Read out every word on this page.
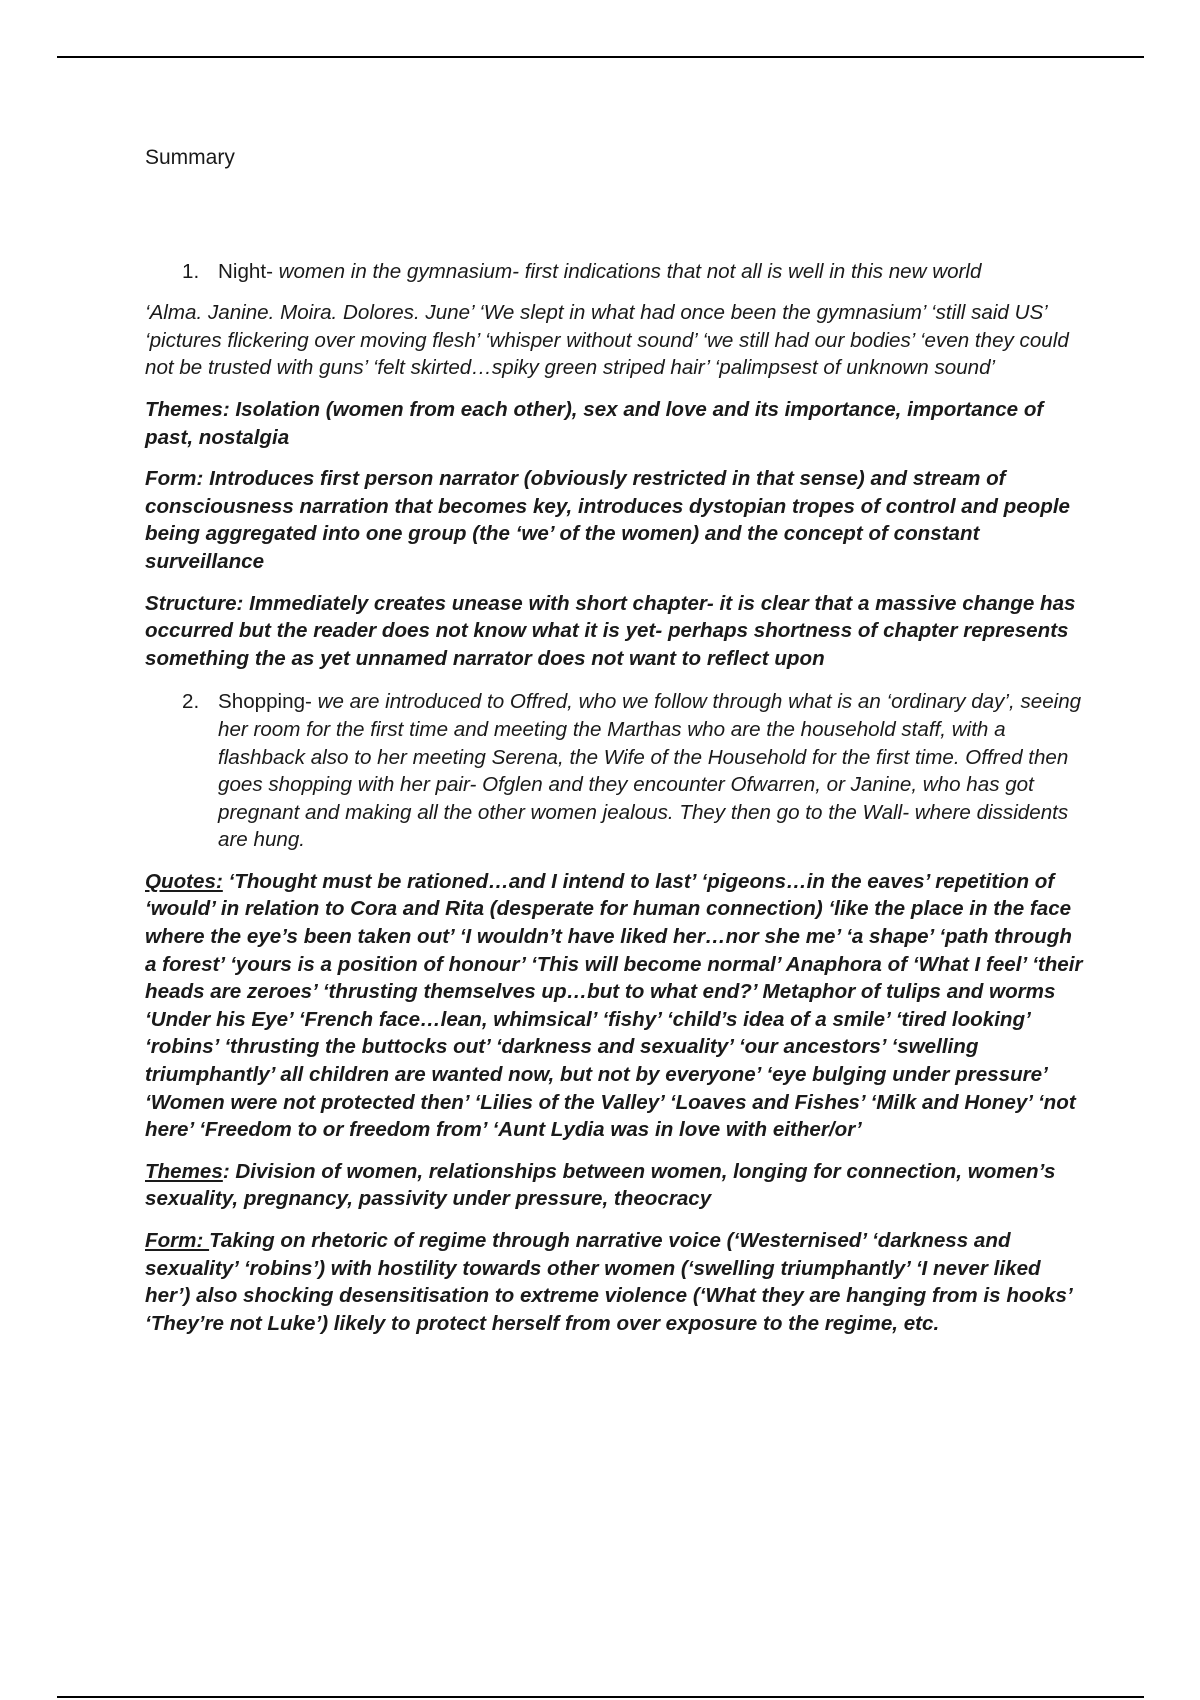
Summary

1. Night- women in the gymnasium- first indications that not all is well in this new world

‘Alma. Janine. Moira. Dolores. June’ ‘We slept in what had once been the gymnasium’ ‘still said US’ ‘pictures flickering over moving flesh’ ‘whisper without sound’ ‘we still had our bodies’ ‘even they could not be trusted with guns’ ‘felt skirted…spiky green striped hair’ ‘palimpsest of unknown sound’

Themes: Isolation (women from each other), sex and love and its importance, importance of past, nostalgia

Form: Introduces first person narrator (obviously restricted in that sense) and stream of consciousness narration that becomes key, introduces dystopian tropes of control and people being aggregated into one group (the ‘we’ of the women) and the concept of constant surveillance

Structure: Immediately creates unease with short chapter- it is clear that a massive change has occurred but the reader does not know what it is yet- perhaps shortness of chapter represents something the as yet unnamed narrator does not want to reflect upon

2. Shopping- we are introduced to Offred, who we follow through what is an ‘ordinary day’, seeing her room for the first time and meeting the Marthas who are the household staff, with a flashback also to her meeting Serena, the Wife of the Household for the first time. Offred then goes shopping with her pair- Ofglen and they encounter Ofwarren, or Janine, who has got pregnant and making all the other women jealous. They then go to the Wall- where dissidents are hung.

Quotes: ‘Thought must be rationed…and I intend to last’ ‘pigeons…in the eaves’ repetition of ‘would’ in relation to Cora and Rita (desperate for human connection) ‘like the place in the face where the eye’s been taken out’ ‘I wouldn’t have liked her…nor she me’ ‘a shape’ ‘path through a forest’ ‘yours is a position of honour’ ‘This will become normal’ Anaphora of ‘What I feel’ ‘their heads are zeroes’ ‘thrusting themselves up…but to what end?’ Metaphor of tulips and worms ‘Under his Eye’ ‘French face…lean, whimsical’ ‘fishy’ ‘child’s idea of a smile’ ‘tired looking’ ‘robins’ ‘thrusting the buttocks out’ ‘darkness and sexuality’ ‘our ancestors’ ‘swelling triumphantly’ all children are wanted now, but not by everyone’ ‘eye bulging under pressure’ ‘Women were not protected then’ ‘Lilies of the Valley’ ‘Loaves and Fishes’ ‘Milk and Honey’ ‘not here’ ‘Freedom to or freedom from’ ‘Aunt Lydia was in love with either/or’

Themes: Division of women, relationships between women, longing for connection, women’s sexuality, pregnancy, passivity under pressure, theocracy

Form: Taking on rhetoric of regime through narrative voice (‘Westernised’ ‘darkness and sexuality’ ‘robins’) with hostility towards other women (‘swelling triumphantly’ ‘I never liked her’) also shocking desensitisation to extreme violence (‘What they are hanging from is hooks’ ‘They’re not Luke’) likely to protect herself from over exposure to the regime, etc.
